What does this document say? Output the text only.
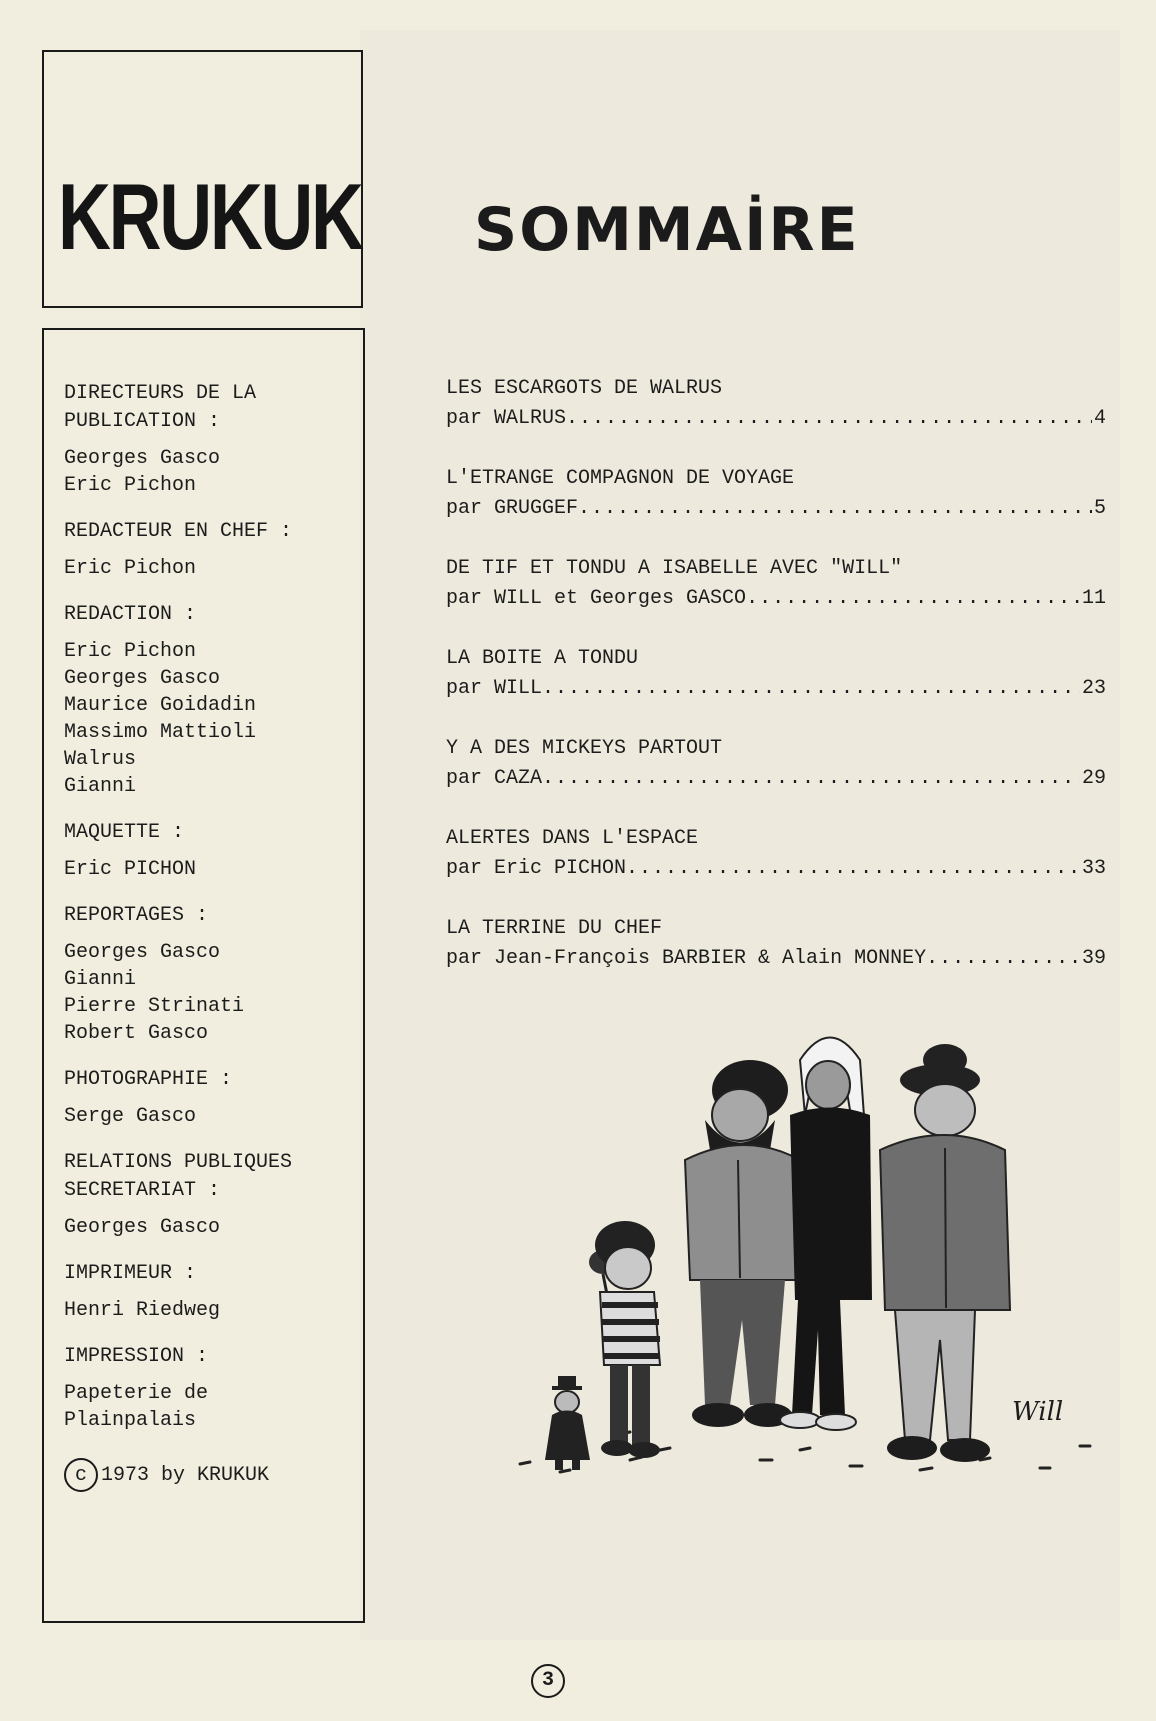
KRUKUK SOMMAİRE
DIRECTEURS DE LA
PUBLICATION :
Georges Gasco
Eric Pichon
REDACTEUR EN CHEF :
Eric Pichon
REDACTION :
Eric Pichon
Georges Gasco
Maurice Goidadin
Massimo Mattioli
Walrus
Gianni
MAQUETTE :
Eric PICHON
REPORTAGES :
Georges Gasco
Gianni
Pierre Strinati
Robert Gasco
PHOTOGRAPHIE :
Serge Gasco
RELATIONS PUBLIQUES
SECRETARIAT :
Georges Gasco
IMPRIMEUR :
Henri Riedweg
IMPRESSION :
Papeterie de
Plainpalais
c 1973 by KRUKUK
LES ESCARGOTS DE WALRUS
par WALRUS .....	4
L'ETRANGE COMPAGNON DE VOYAGE
par GRUGGEF .....	5
DE TIF ET TONDU A ISABELLE AVEC "WILL"
par WILL et Georges GASCO .....	11
LA BOITE A TONDU
par WILL .....	23
Y A DES MICKEYS PARTOUT
par CAZA .....	29
ALERTES DANS L'ESPACE
par Eric PICHON .....	33
LA TERRINE DU CHEF
par Jean-François BARBIER & Alain MONNEY .....	39
Will
3
